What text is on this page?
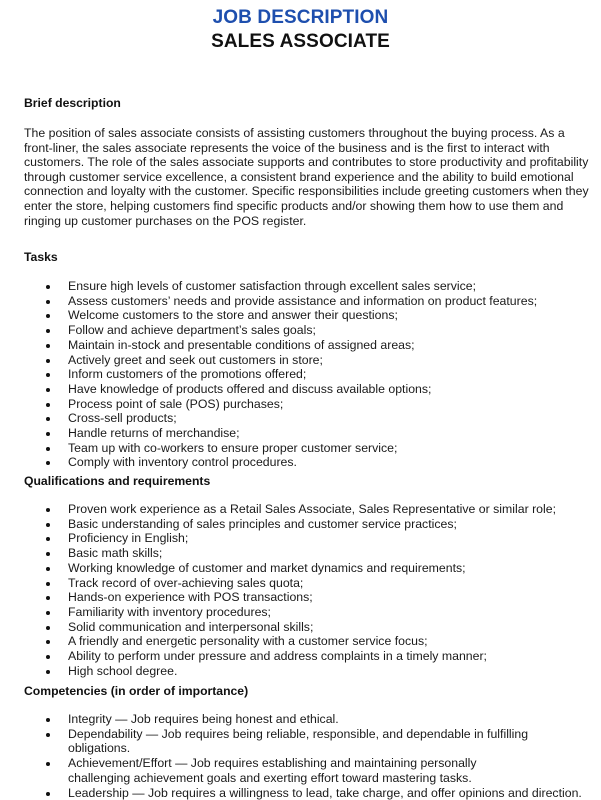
JOB DESCRIPTION
SALES ASSOCIATE
Brief description

The position of sales associate consists of assisting customers throughout the buying process. As a front-liner, the sales associate represents the voice of the business and is the first to interact with customers. The role of the sales associate supports and contributes to store productivity and profitability through customer service excellence, a consistent brand experience and the ability to build emotional connection and loyalty with the customer. Specific responsibilities include greeting customers when they enter the store, helping customers find specific products and/or showing them how to use them and ringing up customer purchases on the POS register.

Tasks
Ensure high levels of customer satisfaction through excellent sales service;
Assess customers’ needs and provide assistance and information on product features;
Welcome customers to the store and answer their questions;
Follow and achieve department’s sales goals;
Maintain in-stock and presentable conditions of assigned areas;
Actively greet and seek out customers in store;
Inform customers of the promotions offered;
Have knowledge of products offered and discuss available options;
Process point of sale (POS) purchases;
Cross-sell products;
Handle returns of merchandise;
Team up with co-workers to ensure proper customer service;
Comply with inventory control procedures.
Qualifications and requirements
Proven work experience as a Retail Sales Associate, Sales Representative or similar role;
Basic understanding of sales principles and customer service practices;
Proficiency in English;
Basic math skills;
Working knowledge of customer and market dynamics and requirements;
Track record of over-achieving sales quota;
Hands-on experience with POS transactions;
Familiarity with inventory procedures;
Solid communication and interpersonal skills;
A friendly and energetic personality with a customer service focus;
Ability to perform under pressure and address complaints in a timely manner;
High school degree.
Competencies (in order of importance)
Integrity — Job requires being honest and ethical.
Dependability — Job requires being reliable, responsible, and dependable in fulfilling obligations.
Achievement/Effort — Job requires establishing and maintaining personally challenging achievement goals and exerting effort toward mastering tasks.
Leadership — Job requires a willingness to lead, take charge, and offer opinions and direction.
